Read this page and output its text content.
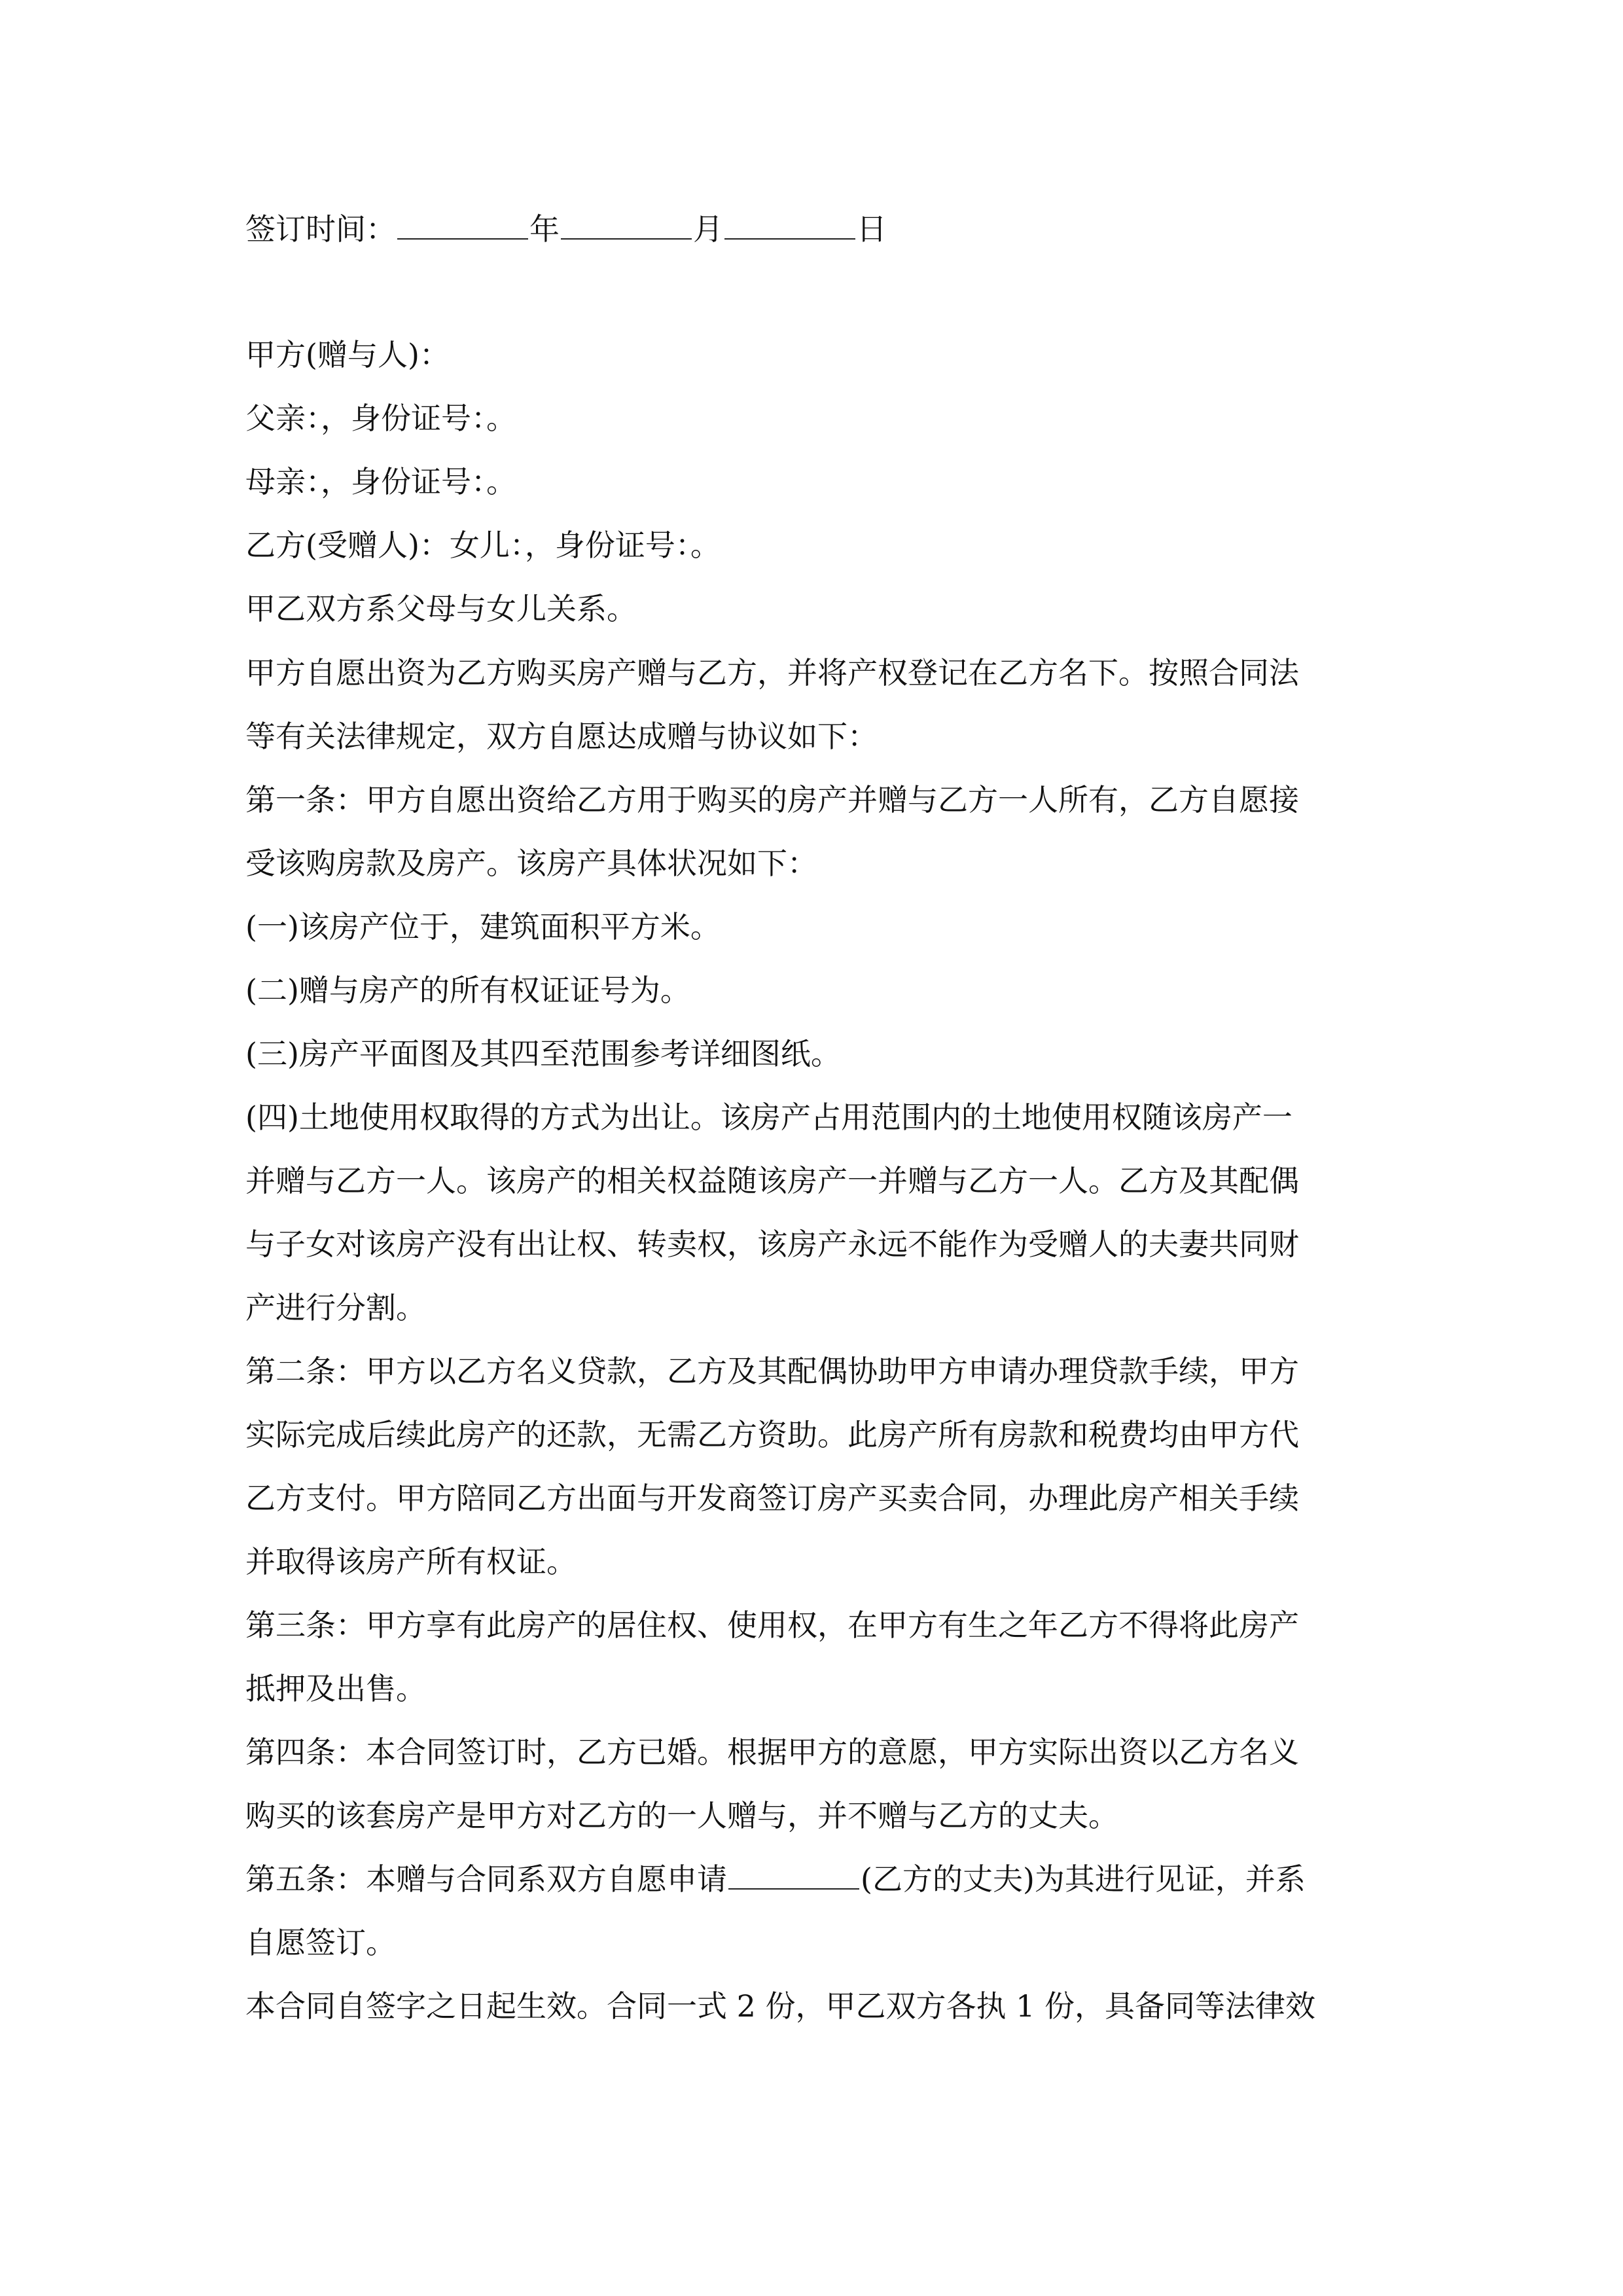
签订时间：	年	月	日
甲方(赠与人)：
父亲：，身份证号：。
母亲：，身份证号：。
乙方(受赠人)：女儿：，身份证号：。
甲乙双方系父母与女儿关系。
甲方自愿出资为乙方购买房产赠与乙方，并将产权登记在乙方名下。按照合同法
等有关法律规定，双方自愿达成赠与协议如下：
第一条：甲方自愿出资给乙方用于购买的房产并赠与乙方一人所有，乙方自愿接
受该购房款及房产。该房产具体状况如下：
(一)该房产位于，建筑面积平方米。
(二)赠与房产的所有权证证号为。
(三)房产平面图及其四至范围参考详细图纸。
(四)土地使用权取得的方式为出让。该房产占用范围内的土地使用权随该房产一
并赠与乙方一人。该房产的相关权益随该房产一并赠与乙方一人。乙方及其配偶
与子女对该房产没有出让权、转卖权，该房产永远不能作为受赠人的夫妻共同财
产进行分割。
第二条：甲方以乙方名义贷款，乙方及其配偶协助甲方申请办理贷款手续，甲方
实际完成后续此房产的还款，无需乙方资助。此房产所有房款和税费均由甲方代
乙方支付。甲方陪同乙方出面与开发商签订房产买卖合同，办理此房产相关手续
并取得该房产所有权证。
第三条：甲方享有此房产的居住权、使用权，在甲方有生之年乙方不得将此房产
抵押及出售。
第四条：本合同签订时，乙方已婚。根据甲方的意愿，甲方实际出资以乙方名义
购买的该套房产是甲方对乙方的一人赠与，并不赠与乙方的丈夫。
第五条：本赠与合同系双方自愿申请	(乙方的丈夫)为其进行见证，并系
自愿签订。
本合同自签字之日起生效。合同一式 2 份，甲乙双方各执 1 份，具备同等法律效
